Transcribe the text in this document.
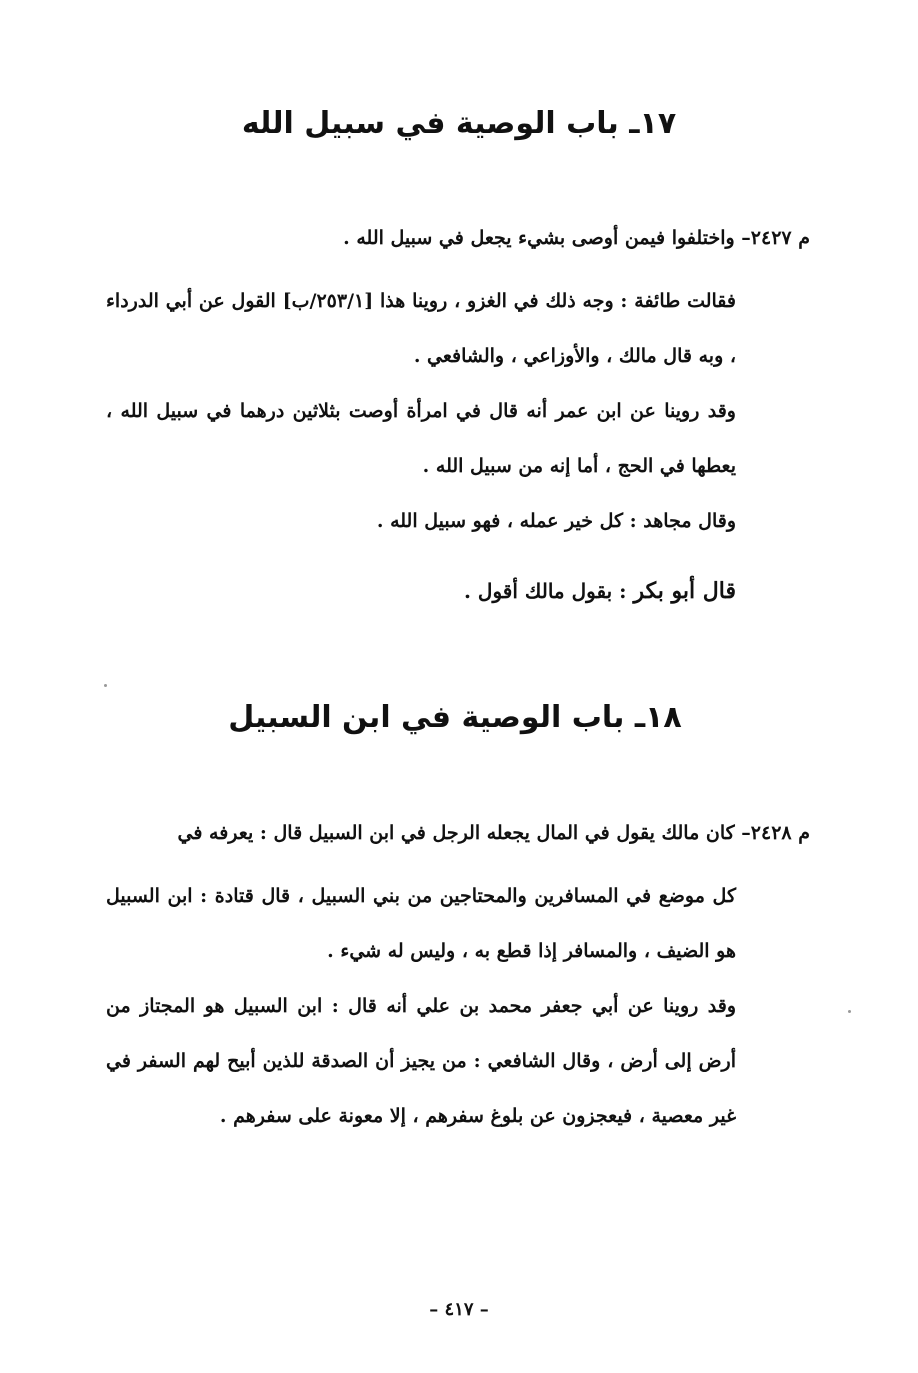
١٧ـ باب الوصية في سبيل الله

م ٢٤٢٧– واختلفوا فيمن أوصى بشيء يجعل في سبيل الله .

فقالت طائفة : وجه ذلك في الغزو ، روينا هذا [٢٥٣/١/ب] القول عن أبي الدرداء ، وبه قال مالك ، والأوزاعي ، والشافعي .

وقد روينا عن ابن عمر أنه قال في امرأة أوصت بثلاثين درهما في سبيل الله ، يعطها في الحج ، أما إنه من سبيل الله .

وقال مجاهد : كل خير عمله ، فهو سبيل الله .

قال أبو بكر : بقول مالك أقول .

١٨ـ باب الوصية في ابن السبيل

م ٢٤٢٨– كان مالك يقول في المال يجعله الرجل في ابن السبيل قال : يعرفه في

كل موضع في المسافرين والمحتاجين من بني السبيل ، قال قتادة : ابن السبيل هو الضيف ، والمسافر إذا قطع به ، وليس له شيء .

وقد روينا عن أبي جعفر محمد بن علي أنه قال : ابن السبيل هو المجتاز من أرض إلى أرض ، وقال الشافعي : من يجيز أن الصدقة للذين أبيح لهم السفر في غير معصية ، فيعجزون عن بلوغ سفرهم ، إلا معونة على سفرهم .

– ٤١٧ –
